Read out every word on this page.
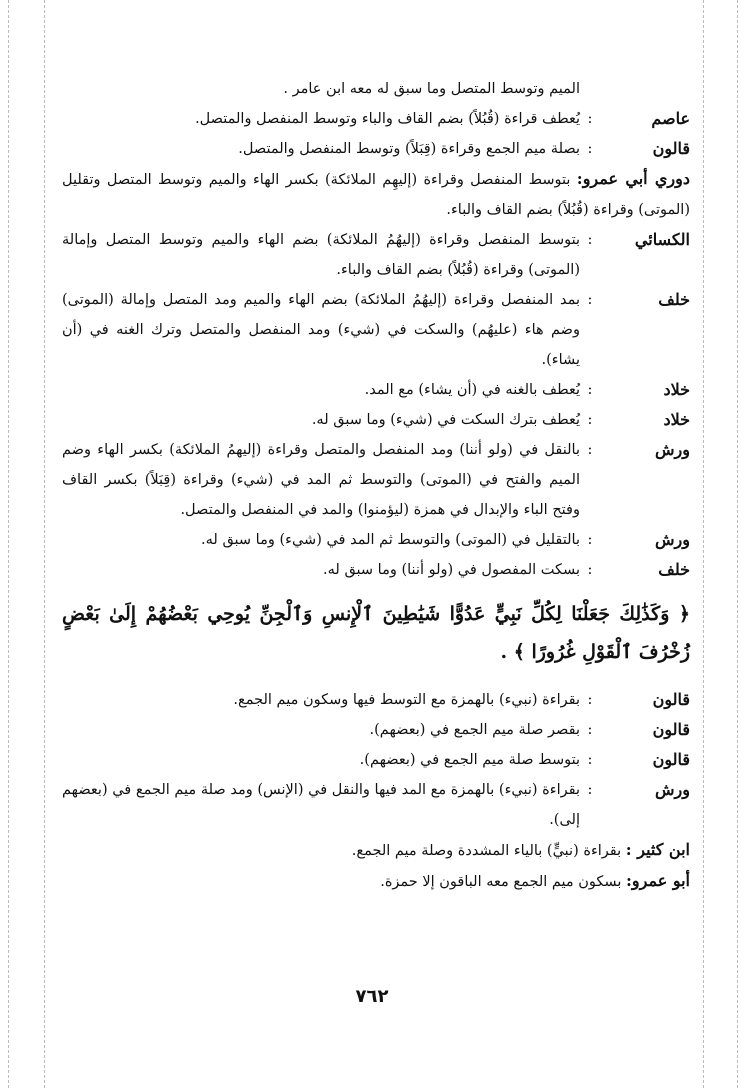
الميم وتوسط المتصل وما سبق له معه ابن عامر .
عاصم
:
يُعطف قراءة (قُبُلاً) بضم القاف والباء وتوسط المنفصل والمتصل.
قالون
:
بصلة ميم الجمع وقراءة (قِبَلاً) وتوسط المنفصل والمتصل.
دوري أبي عمرو: بتوسط المنفصل وقراءة (إليهِم الملائكة) بكسر الهاء والميم وتوسط المتصل وتقليل (الموتى) وقراءة (قُبُلاً) بضم القاف والباء.
الكسائي
:
بتوسط المنفصل وقراءة (إليهُمُ الملائكة) بضم الهاء والميم وتوسط المتصل وإمالة (الموتى) وقراءة (قُبُلاً) بضم القاف والباء.
خلف
:
بمد المنفصل وقراءة (إليهُمُ الملائكة) بضم الهاء والميم ومد المتصل وإمالة (الموتى) وضم هاء (عليهُم) والسكت في (شيء) ومد المنفصل والمتصل وترك الغنه في (أن يشاء).
خلاد
:
يُعطف بالغنه في (أن يشاء) مع المد.
خلاد
:
يُعطف بترك السكت في (شيء) وما سبق له.
ورش
:
بالنقل في (ولو أننا) ومد المنفصل والمتصل وقراءة (إليهمُ الملائكة) بكسر الهاء وضم الميم والفتح في (الموتى) والتوسط ثم المد في (شيء) وقراءة (قِبَلاً) بكسر القاف وفتح الباء والإبدال في همزة (ليؤمنوا) والمد في المنفصل والمتصل.
ورش
:
بالتقليل في (الموتى) والتوسط ثم المد في (شيء) وما سبق له.
خلف
:
بسكت المفصول في (ولو أننا) وما سبق له.
﴿ وَكَذَٰلِكَ جَعَلْنَا لِكُلِّ نَبِيٍّ عَدُوًّا شَيَٰطِينَ ٱلْإِنسِ وَٱلْجِنِّ يُوحِي بَعْضُهُمْ إِلَىٰ بَعْضٍ زُخْرُفَ ٱلْقَوْلِ غُرُورًا ﴾ .
قالون
:
بقراءة (نبيء) بالهمزة مع التوسط فيها وسكون ميم الجمع.
قالون
:
بقصر صلة ميم الجمع في (بعضهم).
قالون
:
بتوسط صلة ميم الجمع في (بعضهم).
ورش
:
بقراءة (نبيء) بالهمزة مع المد فيها والنقل في (الإنس) ومد صلة ميم الجمع في (بعضهم إلى).
ابن كثير : بقراءة (نبيٍّ) بالياء المشددة وصلة ميم الجمع.
أبو عمرو: بسكون ميم الجمع معه الباقون إلا حمزة.
٧٦٢
